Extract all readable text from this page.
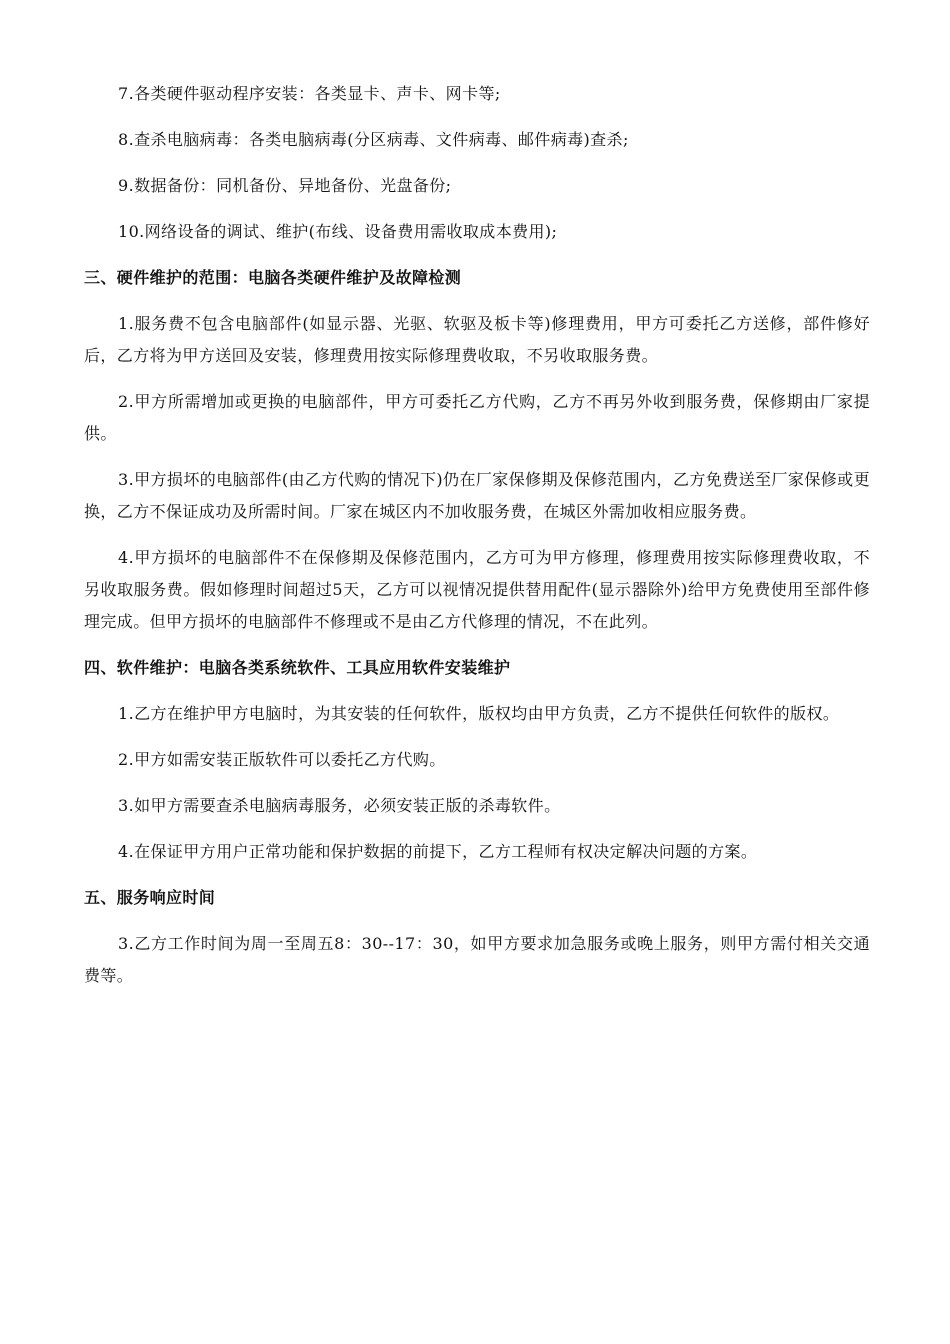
7.各类硬件驱动程序安装：各类显卡、声卡、网卡等;

8.查杀电脑病毒：各类电脑病毒(分区病毒、文件病毒、邮件病毒)查杀;

9.数据备份：同机备份、异地备份、光盘备份;

10.网络设备的调试、维护(布线、设备费用需收取成本费用);

三、硬件维护的范围：电脑各类硬件维护及故障检测

1.服务费不包含电脑部件(如显示器、光驱、软驱及板卡等)修理费用，甲方可委托乙方送修，部件修好后，乙方将为甲方送回及安装，修理费用按实际修理费收取，不另收取服务费。

2.甲方所需增加或更换的电脑部件，甲方可委托乙方代购，乙方不再另外收到服务费，保修期由厂家提供。

3.甲方损坏的电脑部件(由乙方代购的情况下)仍在厂家保修期及保修范围内，乙方免费送至厂家保修或更换，乙方不保证成功及所需时间。厂家在城区内不加收服务费，在城区外需加收相应服务费。

4.甲方损坏的电脑部件不在保修期及保修范围内，乙方可为甲方修理，修理费用按实际修理费收取，不另收取服务费。假如修理时间超过5天，乙方可以视情况提供替用配件(显示器除外)给甲方免费使用至部件修理完成。但甲方损坏的电脑部件不修理或不是由乙方代修理的情况，不在此列。

四、软件维护：电脑各类系统软件、工具应用软件安装维护

1.乙方在维护甲方电脑时，为其安装的任何软件，版权均由甲方负责，乙方不提供任何软件的版权。

2.甲方如需安装正版软件可以委托乙方代购。

3.如甲方需要查杀电脑病毒服务，必须安装正版的杀毒软件。

4.在保证甲方用户正常功能和保护数据的前提下，乙方工程师有权决定解决问题的方案。

五、服务响应时间

3.乙方工作时间为周一至周五8：30--17：30，如甲方要求加急服务或晚上服务，则甲方需付相关交通费等。
